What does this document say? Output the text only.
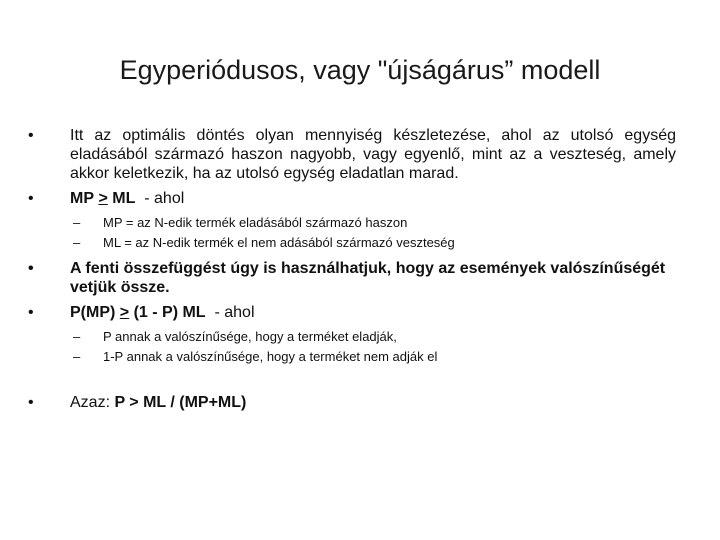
Egyperiódusos, vagy "újságárus” modell
•	Itt az optimális döntés olyan mennyiség készletezése, ahol az utolsó egység eladásából származó haszon nagyobb, vagy egyenlő, mint az a veszteség, amely akkor keletkezik, ha az utolsó egység eladatlan marad.
•	MP > ML - ahol
– MP = az N-edik termék eladásából származó haszon
– ML = az N-edik termék el nem adásából származó veszteség
•	A fenti összefüggést úgy is használhatjuk, hogy az események valószínűségét vetjük össze.
•	P(MP) > (1 - P) ML - ahol
– P annak a valószínűsége, hogy a terméket eladják,
– 1-P annak a valószínűsége, hogy a terméket nem adják el
•	Azaz: P > ML / (MP+ML)
